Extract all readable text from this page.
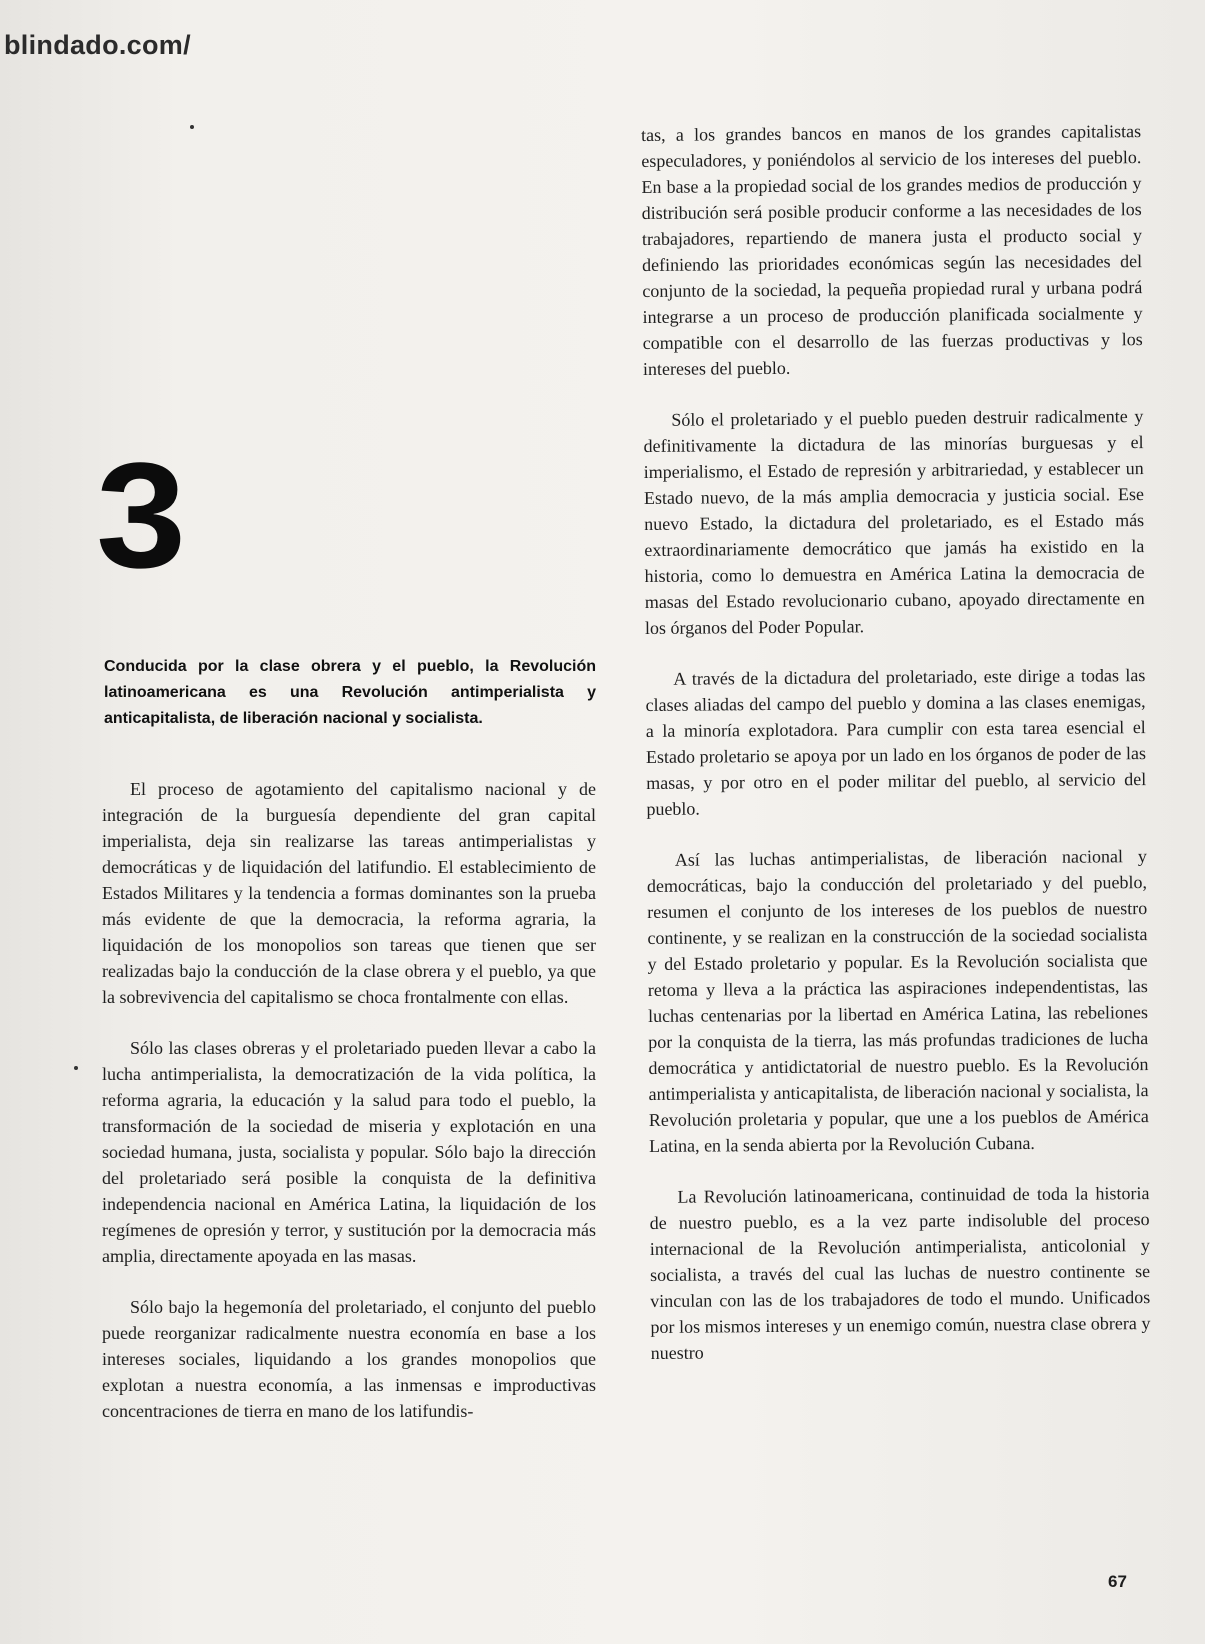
blindado.com/
3
Conducida por la clase obrera y el pueblo, la Revolución latinoamericana es una Revolución antimperialista y anticapitalista, de liberación nacional y socialista.

El proceso de agotamiento del capitalismo nacional y de integración de la burguesía dependiente del gran capital imperialista, deja sin realizarse las tareas antimperialistas y democráticas y de liquidación del latifundio. El establecimiento de Estados Militares y la tendencia a formas dominantes son la prueba más evidente de que la democracia, la reforma agraria, la liquidación de los monopolios son tareas que tienen que ser realizadas bajo la conducción de la clase obrera y el pueblo, ya que la sobrevivencia del capitalismo se choca frontalmente con ellas.

Sólo las clases obreras y el proletariado pueden llevar a cabo la lucha antimperialista, la democratización de la vida política, la reforma agraria, la educación y la salud para todo el pueblo, la transformación de la sociedad de miseria y explotación en una sociedad humana, justa, socialista y popular. Sólo bajo la dirección del proletariado será posible la conquista de la definitiva independencia nacional en América Latina, la liquidación de los regímenes de opresión y terror, y sustitución por la democracia más amplia, directamente apoyada en las masas.

Sólo bajo la hegemonía del proletariado, el conjunto del pueblo puede reorganizar radicalmente nuestra economía en base a los intereses sociales, liquidando a los grandes monopolios que explotan a nuestra economía, a las inmensas e improductivas concentraciones de tierra en mano de los latifundis-

tas, a los grandes bancos en manos de los grandes capitalistas especuladores, y poniéndolos al servicio de los intereses del pueblo. En base a la propiedad social de los grandes medios de producción y distribución será posible producir conforme a las necesidades de los trabajadores, repartiendo de manera justa el producto social y definiendo las prioridades económicas según las necesidades del conjunto de la sociedad, la pequeña propiedad rural y urbana podrá integrarse a un proceso de producción planificada socialmente y compatible con el desarrollo de las fuerzas productivas y los intereses del pueblo.

Sólo el proletariado y el pueblo pueden destruir radicalmente y definitivamente la dictadura de las minorías burguesas y el imperialismo, el Estado de represión y arbitrariedad, y establecer un Estado nuevo, de la más amplia democracia y justicia social. Ese nuevo Estado, la dictadura del proletariado, es el Estado más extraordinariamente democrático que jamás ha existido en la historia, como lo demuestra en América Latina la democracia de masas del Estado revolucionario cubano, apoyado directamente en los órganos del Poder Popular.

A través de la dictadura del proletariado, este dirige a todas las clases aliadas del campo del pueblo y domina a las clases enemigas, a la minoría explotadora. Para cumplir con esta tarea esencial el Estado proletario se apoya por un lado en los órganos de poder de las masas, y por otro en el poder militar del pueblo, al servicio del pueblo.

Así las luchas antimperialistas, de liberación nacional y democráticas, bajo la conducción del proletariado y del pueblo, resumen el conjunto de los intereses de los pueblos de nuestro continente, y se realizan en la construcción de la sociedad socialista y del Estado proletario y popular. Es la Revolución socialista que retoma y lleva a la práctica las aspiraciones independentistas, las luchas centenarias por la libertad en América Latina, las rebeliones por la conquista de la tierra, las más profundas tradiciones de lucha democrática y antidictatorial de nuestro pueblo. Es la Revolución antimperialista y anticapitalista, de liberación nacional y socialista, la Revolución proletaria y popular, que une a los pueblos de América Latina, en la senda abierta por la Revolución Cubana.

La Revolución latinoamericana, continuidad de toda la historia de nuestro pueblo, es a la vez parte indisoluble del proceso internacional de la Revolución antimperialista, anticolonial y socialista, a través del cual las luchas de nuestro continente se vinculan con las de los trabajadores de todo el mundo. Unificados por los mismos intereses y un enemigo común, nuestra clase obrera y nuestro

67
